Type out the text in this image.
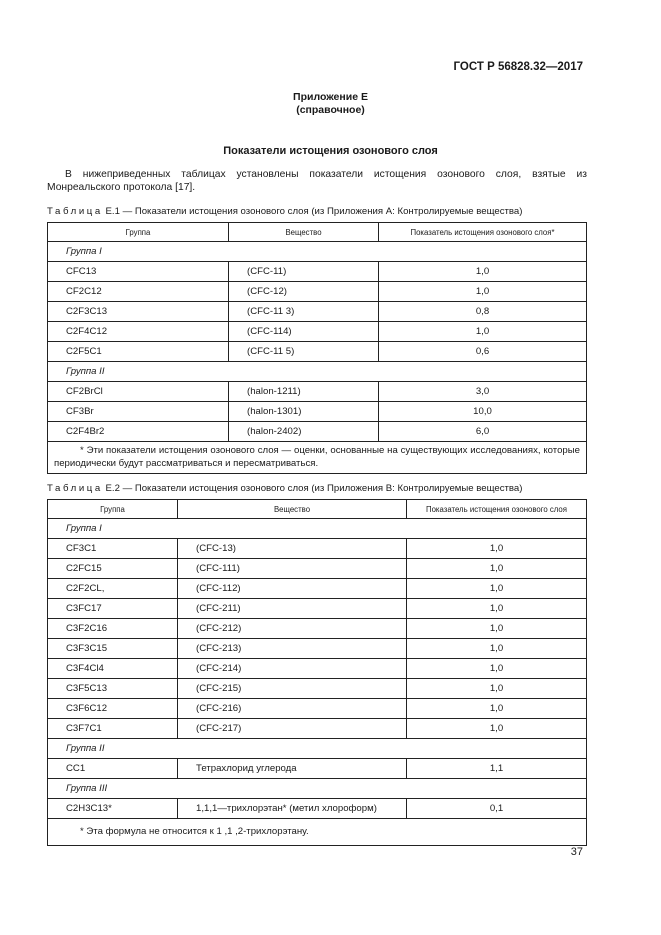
ГОСТ Р 56828.32—2017
Приложение Е
(справочное)
Показатели истощения озонового слоя
В нижеприведенных таблицах установлены показатели истощения озонового слоя, взятые из Монреальского протокола [17].
Таблица Е.1 — Показатели истощения озонового слоя (из Приложения А: Контролируемые вещества)
Группа	Вещество	Показатель истощения озонового слоя*
Группа I		
CFC13	(CFC-11)	1,0
CF2C12	(CFC-12)	1,0
C2F3C13	(CFC-11 3)	0,8
C2F4C12	(CFC-114)	1,0
C2F5C1	(CFC-11 5)	0,6
Группа II		
CF2BrCl	(halon-1211)	3,0
CF3Br	(halon-1301)	10,0
C2F4Br2	(halon-2402)	6,0

* Эти показатели истощения озонового слоя — оценки, основанные на существующих исследованиях, которые периодически будут рассматриваться и пересматриваться.		
Таблица Е.2 — Показатели истощения озонового слоя (из Приложения В: Контролируемые вещества)
Группа	Вещество	Показатель истощения озонового слоя
Группа I		
CF3C1	(CFC-13)	1,0
C2FC15	(CFC-111)	1,0
C2F2CL,	(CFC-112)	1,0
C3FC17	(CFC-211)	1,0
C3F2C16	(CFC-212)	1,0
C3F3C15	(CFC-213)	1,0
C3F4Cl4	(CFC-214)	1,0
C3F5C13	(CFC-215)	1,0
C3F6C12	(CFC-216)	1,0
C3F7C1	(CFC-217)	1,0
Группа II		
CC1	Тетрахлорид углерода	1,1
Группа III		
C2H3C13*	1,1,1—трихлорэтан* (метил хлороформ)	0,1

* Эта формула не относится к 1 ,1 ,2-трихлорэтану.		
37
